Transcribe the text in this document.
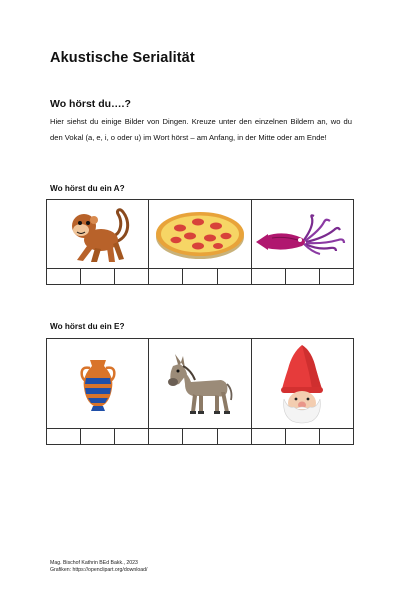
Akustische Serialität
Wo hörst du….?

Hier siehst du einige Bilder von Dingen. Kreuze unter den einzelnen Bildern an, wo du den Vokal (a, e, i, o oder u) im Wort hörst – am Anfang, in der Mitte oder am Ende!

Wo hörst du ein A?

Wo hörst du ein E?

Mag. Bischof Kathrin BEd Bakk., 2023
Grafiken: https://openclipart.org/download/
